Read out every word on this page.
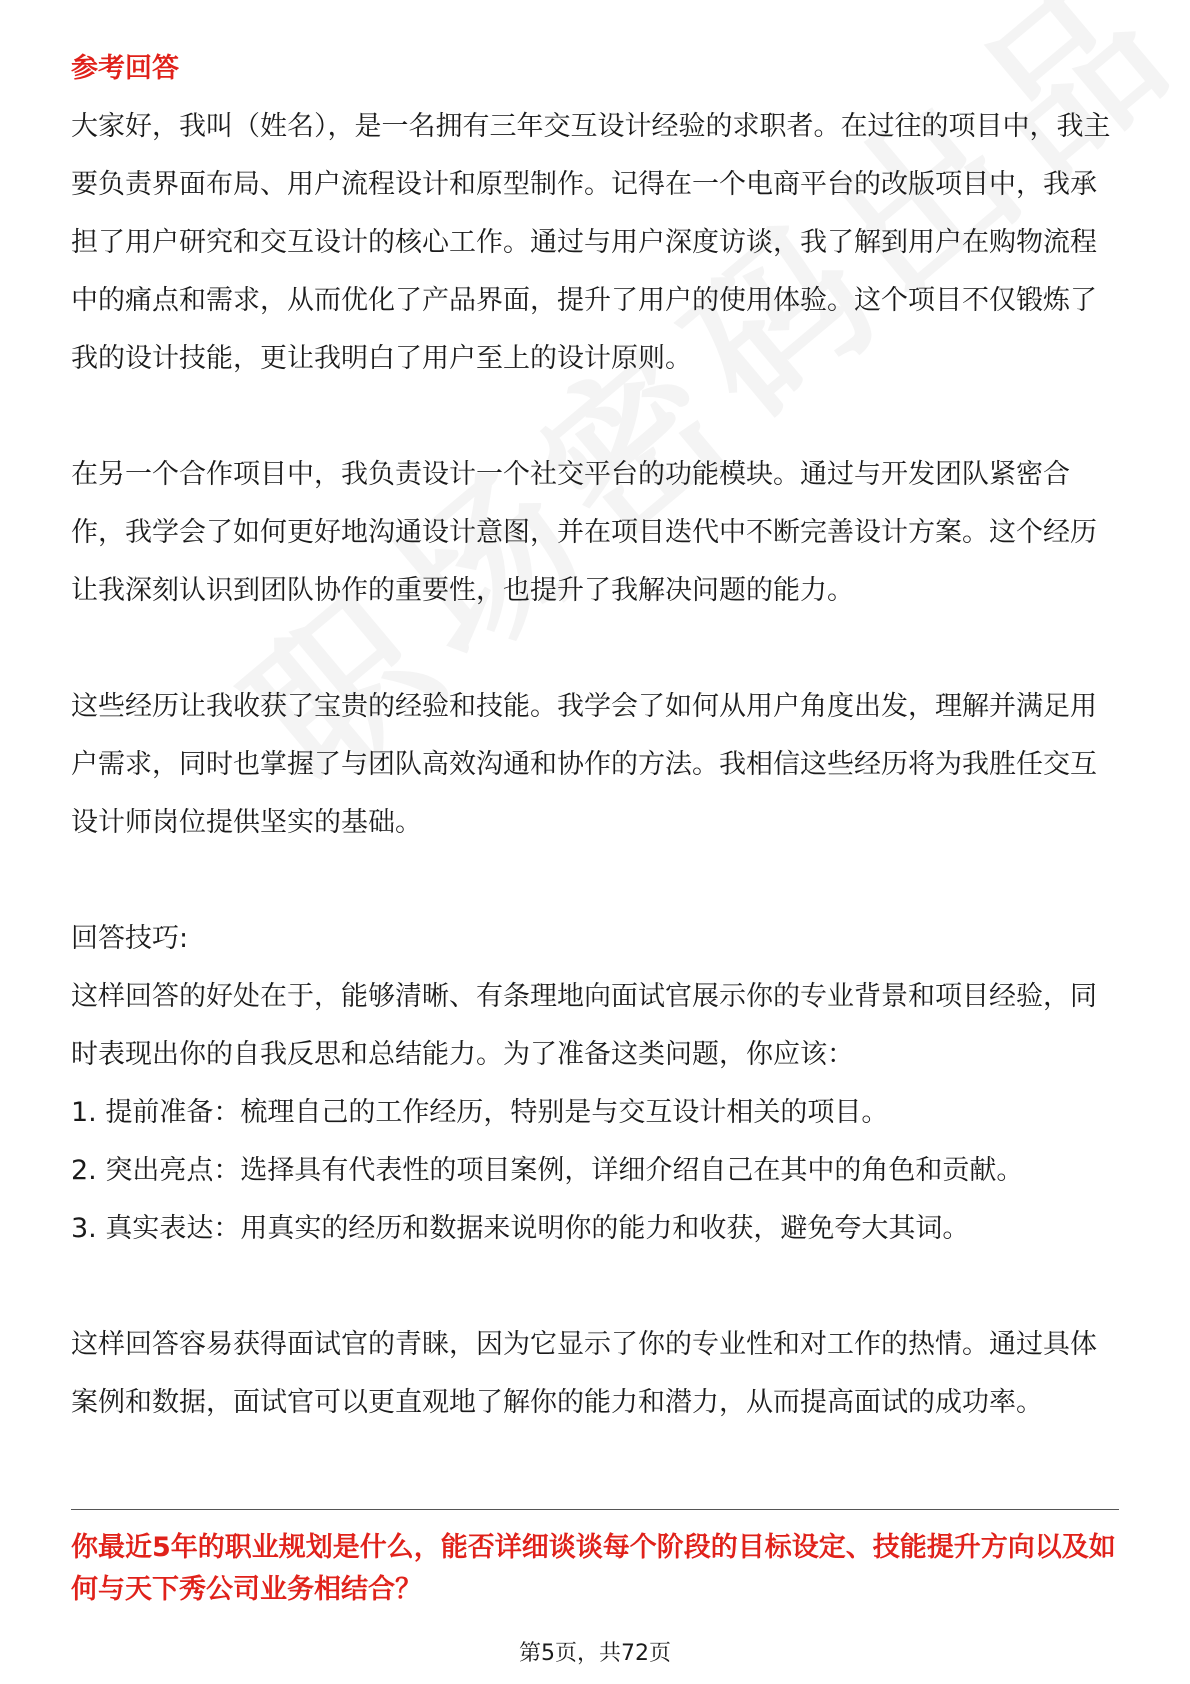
参考回答

大家好，我叫（姓名），是一名拥有三年交互设计经验的求职者。在过往的项目中，我主要负责界面布局、用户流程设计和原型制作。记得在一个电商平台的改版项目中，我承担了用户研究和交互设计的核心工作。通过与用户深度访谈，我了解到用户在购物流程中的痛点和需求，从而优化了产品界面，提升了用户的使用体验。这个项目不仅锻炼了我的设计技能，更让我明白了用户至上的设计原则。

在另一个合作项目中，我负责设计一个社交平台的功能模块。通过与开发团队紧密合作，我学会了如何更好地沟通设计意图，并在项目迭代中不断完善设计方案。这个经历让我深刻认识到团队协作的重要性，也提升了我解决问题的能力。

这些经历让我收获了宝贵的经验和技能。我学会了如何从用户角度出发，理解并满足用户需求，同时也掌握了与团队高效沟通和协作的方法。我相信这些经历将为我胜任交互设计师岗位提供坚实的基础。

回答技巧:

这样回答的好处在于，能够清晰、有条理地向面试官展示你的专业背景和项目经验，同时表现出你的自我反思和总结能力。为了准备这类问题，你应该：

1. 提前准备：梳理自己的工作经历，特别是与交互设计相关的项目。
2. 突出亮点：选择具有代表性的项目案例，详细介绍自己在其中的角色和贡献。
3. 真实表达：用真实的经历和数据来说明你的能力和收获，避免夸大其词。

这样回答容易获得面试官的青睐，因为它显示了你的专业性和对工作的热情。通过具体案例和数据，面试官可以更直观地了解你的能力和潜力，从而提高面试的成功率。

你最近5年的职业规划是什么，能否详细谈谈每个阶段的目标设定、技能提升方向以及如何与天下秀公司业务相结合？

第5页，共72页
